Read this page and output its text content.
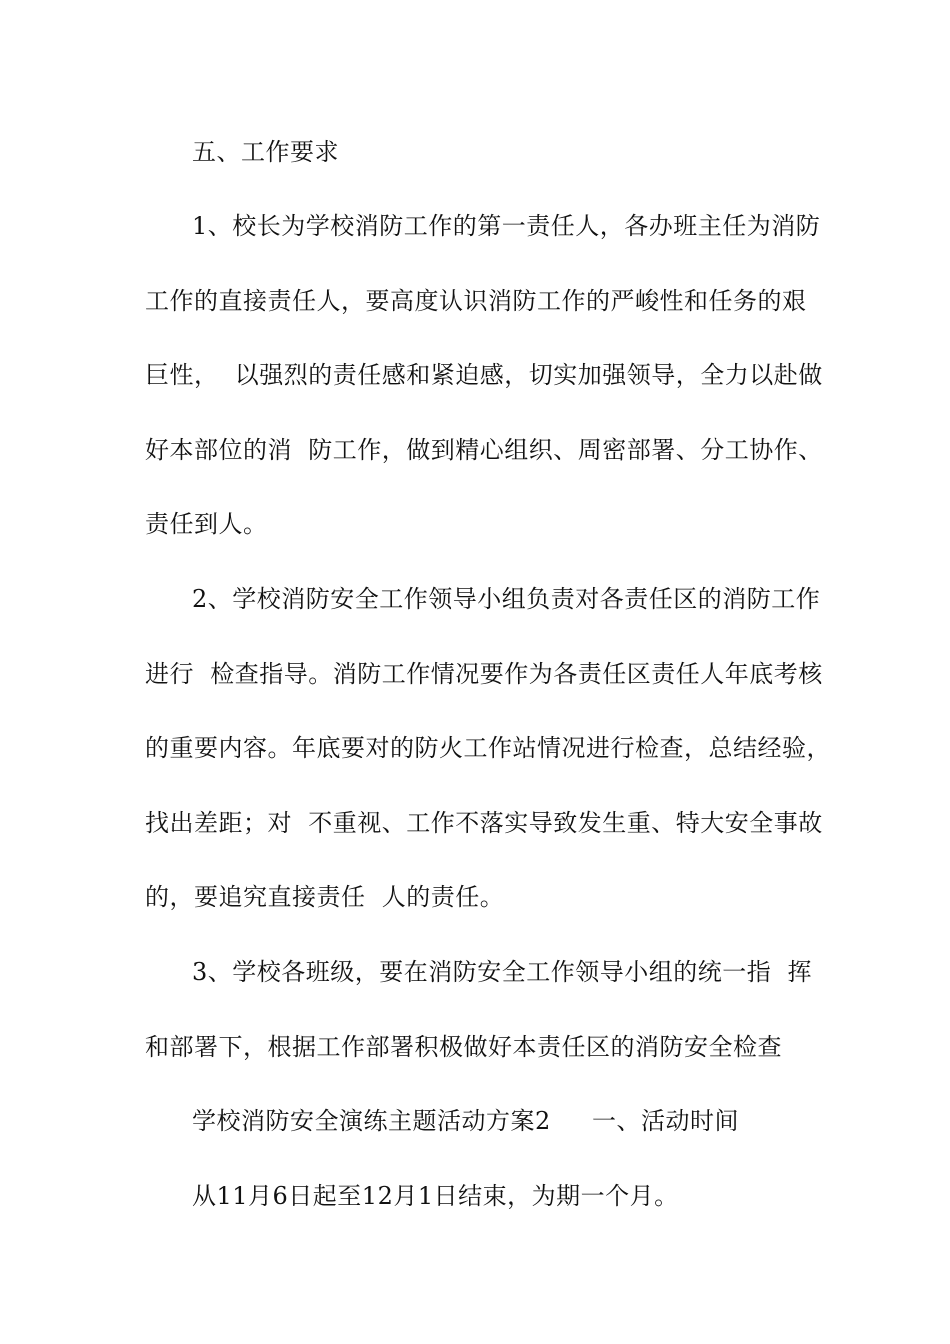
五、工作要求

1、校长为学校消防工作的第一责任人，各办班主任为消防

工作的直接责任人，要高度认识消防工作的严峻性和任务的艰

巨性，  以强烈的责任感和紧迫感，切实加强领导，全力以赴做

好本部位的消  防工作，做到精心组织、周密部署、分工协作、

责任到人。

2、学校消防安全工作领导小组负责对各责任区的消防工作

进行  检查指导。消防工作情况要作为各责任区责任人年底考核

的重要内容。年底要对的防火工作站情况进行检查，总结经验，

找出差距；对  不重视、工作不落实导致发生重、特大安全事故

的，要追究直接责任  人的责任。

3、学校各班级，要在消防安全工作领导小组的统一指  挥

和部署下，根据工作部署积极做好本责任区的消防安全检查

学校消防安全演练主题活动方案2 一、活动时间

从11月6日起至12月1日结束，为期一个月。
